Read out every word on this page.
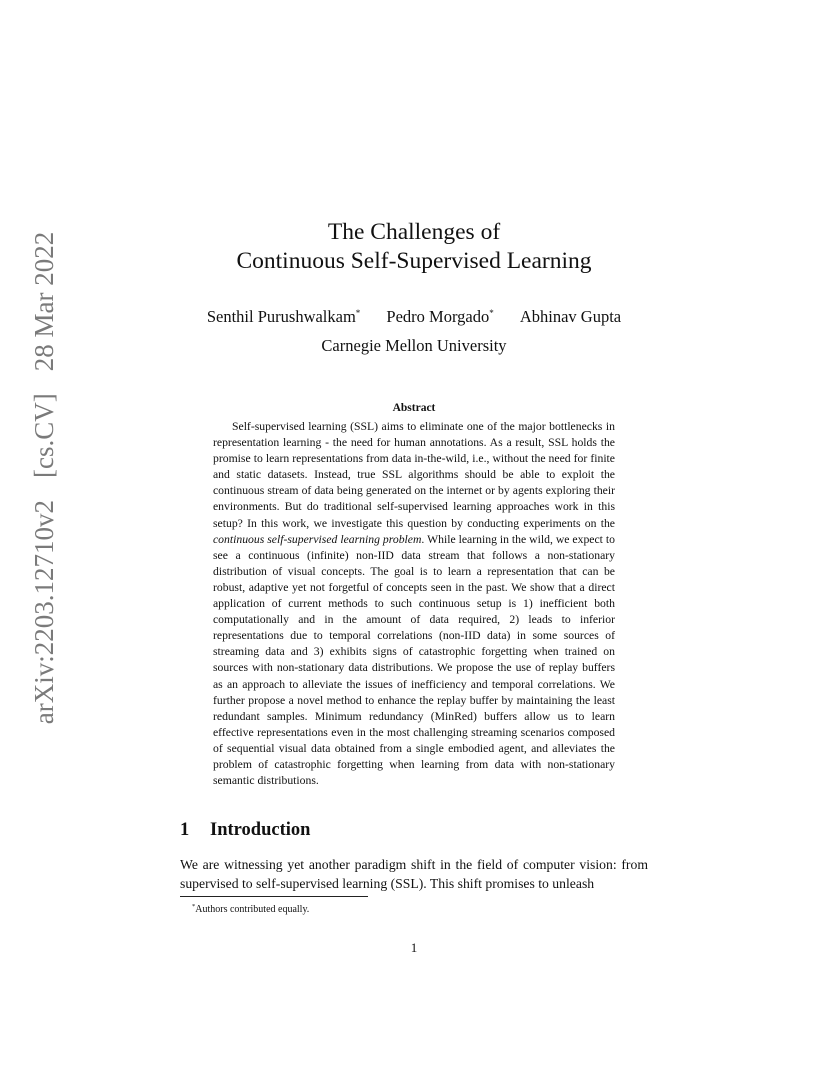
arXiv:2203.12710v2[cs.CV]28 Mar 2022	The Challenges of
Continuous Self-Supervised Learning
Senthil Purushwalkam* Pedro Morgado* Abhinav Gupta
Carnegie Mellon University
Abstract

Self-supervised learning (SSL) aims to eliminate one of the major bottlenecks in representation learning - the need for human annotations. As a result, SSL holds the promise to learn representations from data in-the-wild, i.e., without the need for finite and static datasets. Instead, true SSL algorithms should be able to exploit the continuous stream of data being generated on the internet or by agents exploring their environments. But do traditional self-supervised learning approaches work in this setup? In this work, we investigate this question by conducting experiments on the continuous self-supervised learning problem. While learning in the wild, we expect to see a continuous (infinite) non-IID data stream that follows a non-stationary distribution of visual concepts. The goal is to learn a representation that can be robust, adaptive yet not forgetful of concepts seen in the past. We show that a direct application of current methods to such continuous setup is 1) inefficient both computationally and in the amount of data required, 2) leads to inferior representations due to temporal correlations (non-IID data) in some sources of streaming data and 3) exhibits signs of catastrophic forgetting when trained on sources with non-stationary data distributions. We propose the use of replay buffers as an approach to alleviate the issues of inefficiency and temporal correlations. We further propose a novel method to enhance the replay buffer by maintaining the least redundant samples. Minimum redundancy (MinRed) buffers allow us to learn effective representations even in the most challenging streaming scenarios composed of sequential visual data obtained from a single embodied agent, and alleviates the problem of catastrophic forgetting when learning from data with non-stationary semantic distributions.

1 Introduction

We are witnessing yet another paradigm shift in the field of computer vision: from supervised to self-supervised learning (SSL). This shift promises to unleash

*Authors contributed equally.
1
